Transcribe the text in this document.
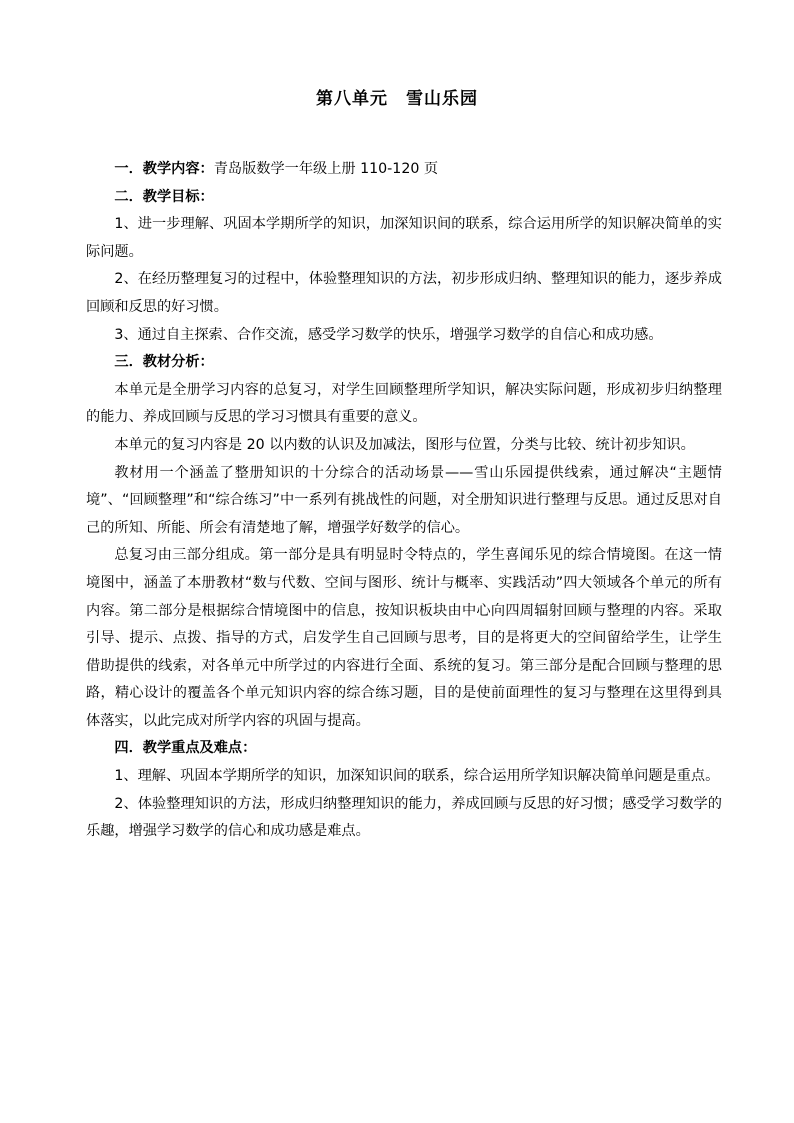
第八单元　雪山乐园

一．教学内容：青岛版数学一年级上册 110-120 页

二．教学目标：

1、进一步理解、巩固本学期所学的知识，加深知识间的联系，综合运用所学的知识解决简单的实际问题。

2、在经历整理复习的过程中，体验整理知识的方法，初步形成归纳、整理知识的能力，逐步养成回顾和反思的好习惯。

3、通过自主探索、合作交流，感受学习数学的快乐，增强学习数学的自信心和成功感。

三．教材分析：

本单元是全册学习内容的总复习，对学生回顾整理所学知识，解决实际问题，形成初步归纳整理的能力、养成回顾与反思的学习习惯具有重要的意义。

本单元的复习内容是 20 以内数的认识及加减法，图形与位置，分类与比较、统计初步知识。

教材用一个涵盖了整册知识的十分综合的活动场景——雪山乐园提供线索，通过解决“主题情境”、“回顾整理”和“综合练习”中一系列有挑战性的问题，对全册知识进行整理与反思。通过反思对自己的所知、所能、所会有清楚地了解，增强学好数学的信心。

总复习由三部分组成。第一部分是具有明显时令特点的，学生喜闻乐见的综合情境图。在这一情境图中，涵盖了本册教材“数与代数、空间与图形、统计与概率、实践活动”四大领域各个单元的所有内容。第二部分是根据综合情境图中的信息，按知识板块由中心向四周辐射回顾与整理的内容。采取引导、提示、点拨、指导的方式，启发学生自己回顾与思考，目的是将更大的空间留给学生，让学生借助提供的线索，对各单元中所学过的内容进行全面、系统的复习。第三部分是配合回顾与整理的思路，精心设计的覆盖各个单元知识内容的综合练习题，目的是使前面理性的复习与整理在这里得到具体落实，以此完成对所学内容的巩固与提高。

四．教学重点及难点：

1、理解、巩固本学期所学的知识，加深知识间的联系，综合运用所学知识解决简单问题是重点。

2、体验整理知识的方法，形成归纳整理知识的能力，养成回顾与反思的好习惯；感受学习数学的乐趣，增强学习数学的信心和成功感是难点。
